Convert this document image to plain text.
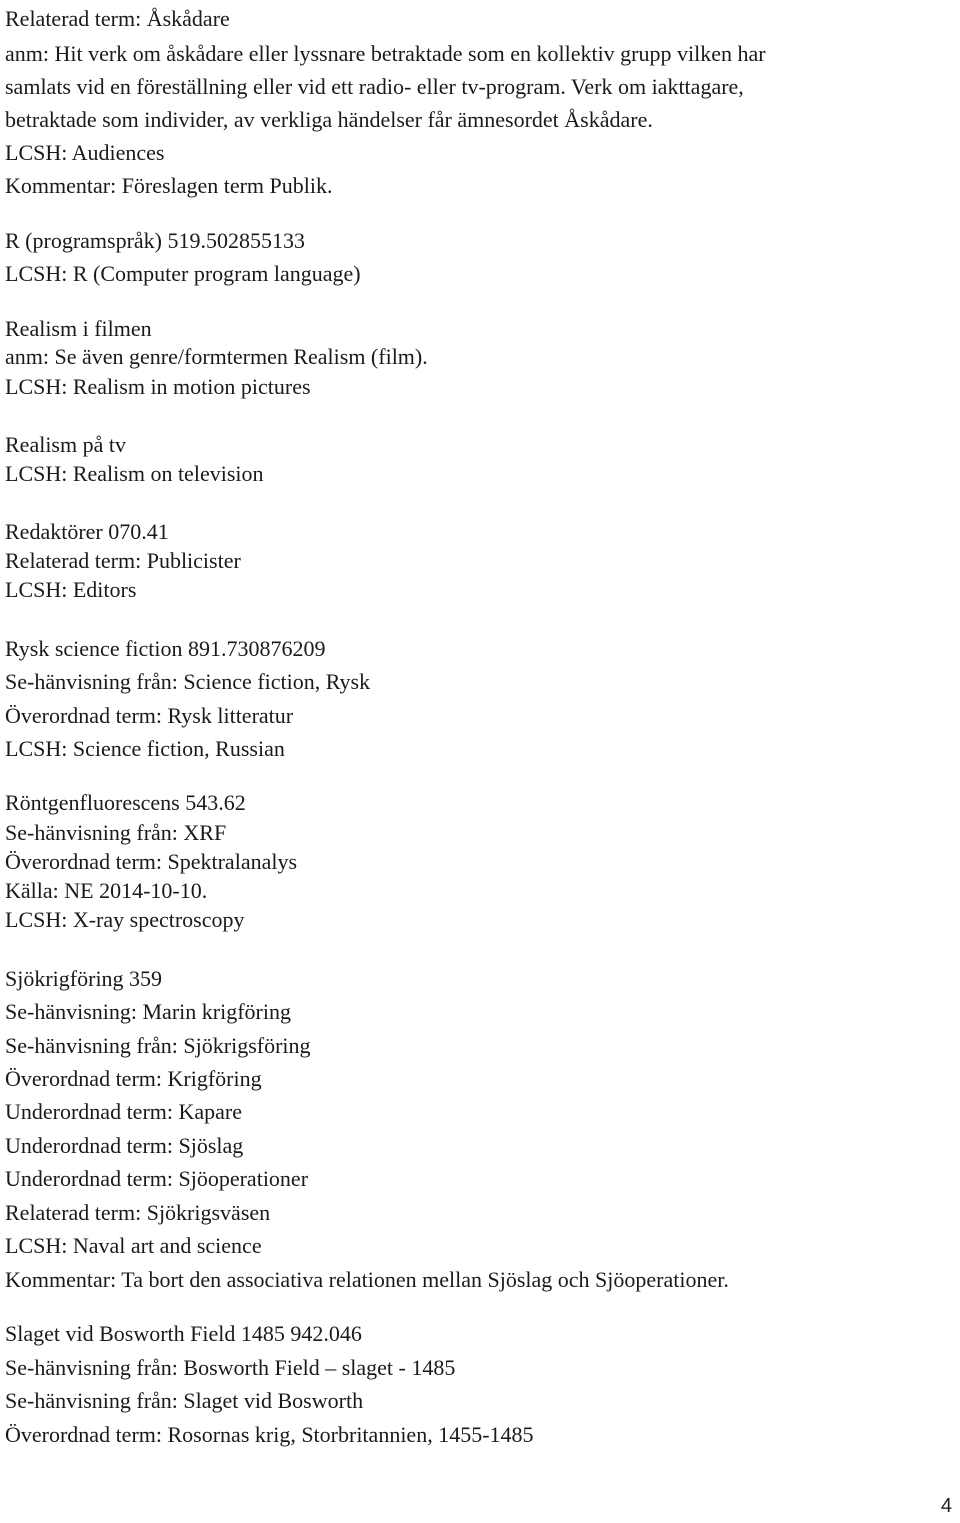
Relaterad term: Åskådare

anm: Hit verk om åskådare eller lyssnare betraktade som en kollektiv grupp vilken har

samlats vid en föreställning eller vid ett radio- eller tv-program. Verk om iakttagare,

betraktade som individer, av verkliga händelser får ämnesordet Åskådare.

LCSH: Audiences

Kommentar: Föreslagen term Publik.

R (programspråk) 519.502855133

LCSH: R (Computer program language)

Realism i filmen

anm: Se även genre/formtermen Realism (film).

LCSH: Realism in motion pictures

Realism på tv

LCSH: Realism on television

Redaktörer 070.41

Relaterad term: Publicister

LCSH: Editors

Rysk science fiction 891.730876209

Se-hänvisning från: Science fiction, Rysk

Överordnad term: Rysk litteratur

LCSH: Science fiction, Russian

Röntgenfluorescens 543.62

Se-hänvisning från: XRF

Överordnad term: Spektralanalys

Källa: NE 2014-10-10.

LCSH: X-ray spectroscopy

Sjökrigföring 359

Se-hänvisning: Marin krigföring

Se-hänvisning från: Sjökrigsföring

Överordnad term: Krigföring

Underordnad term: Kapare

Underordnad term: Sjöslag

Underordnad term: Sjöoperationer

Relaterad term: Sjökrigsväsen

LCSH: Naval art and science

Kommentar: Ta bort den associativa relationen mellan Sjöslag och Sjöoperationer.

Slaget vid Bosworth Field 1485 942.046

Se-hänvisning från: Bosworth Field – slaget - 1485

Se-hänvisning från: Slaget vid Bosworth

Överordnad term: Rosornas krig, Storbritannien, 1455-1485

4
